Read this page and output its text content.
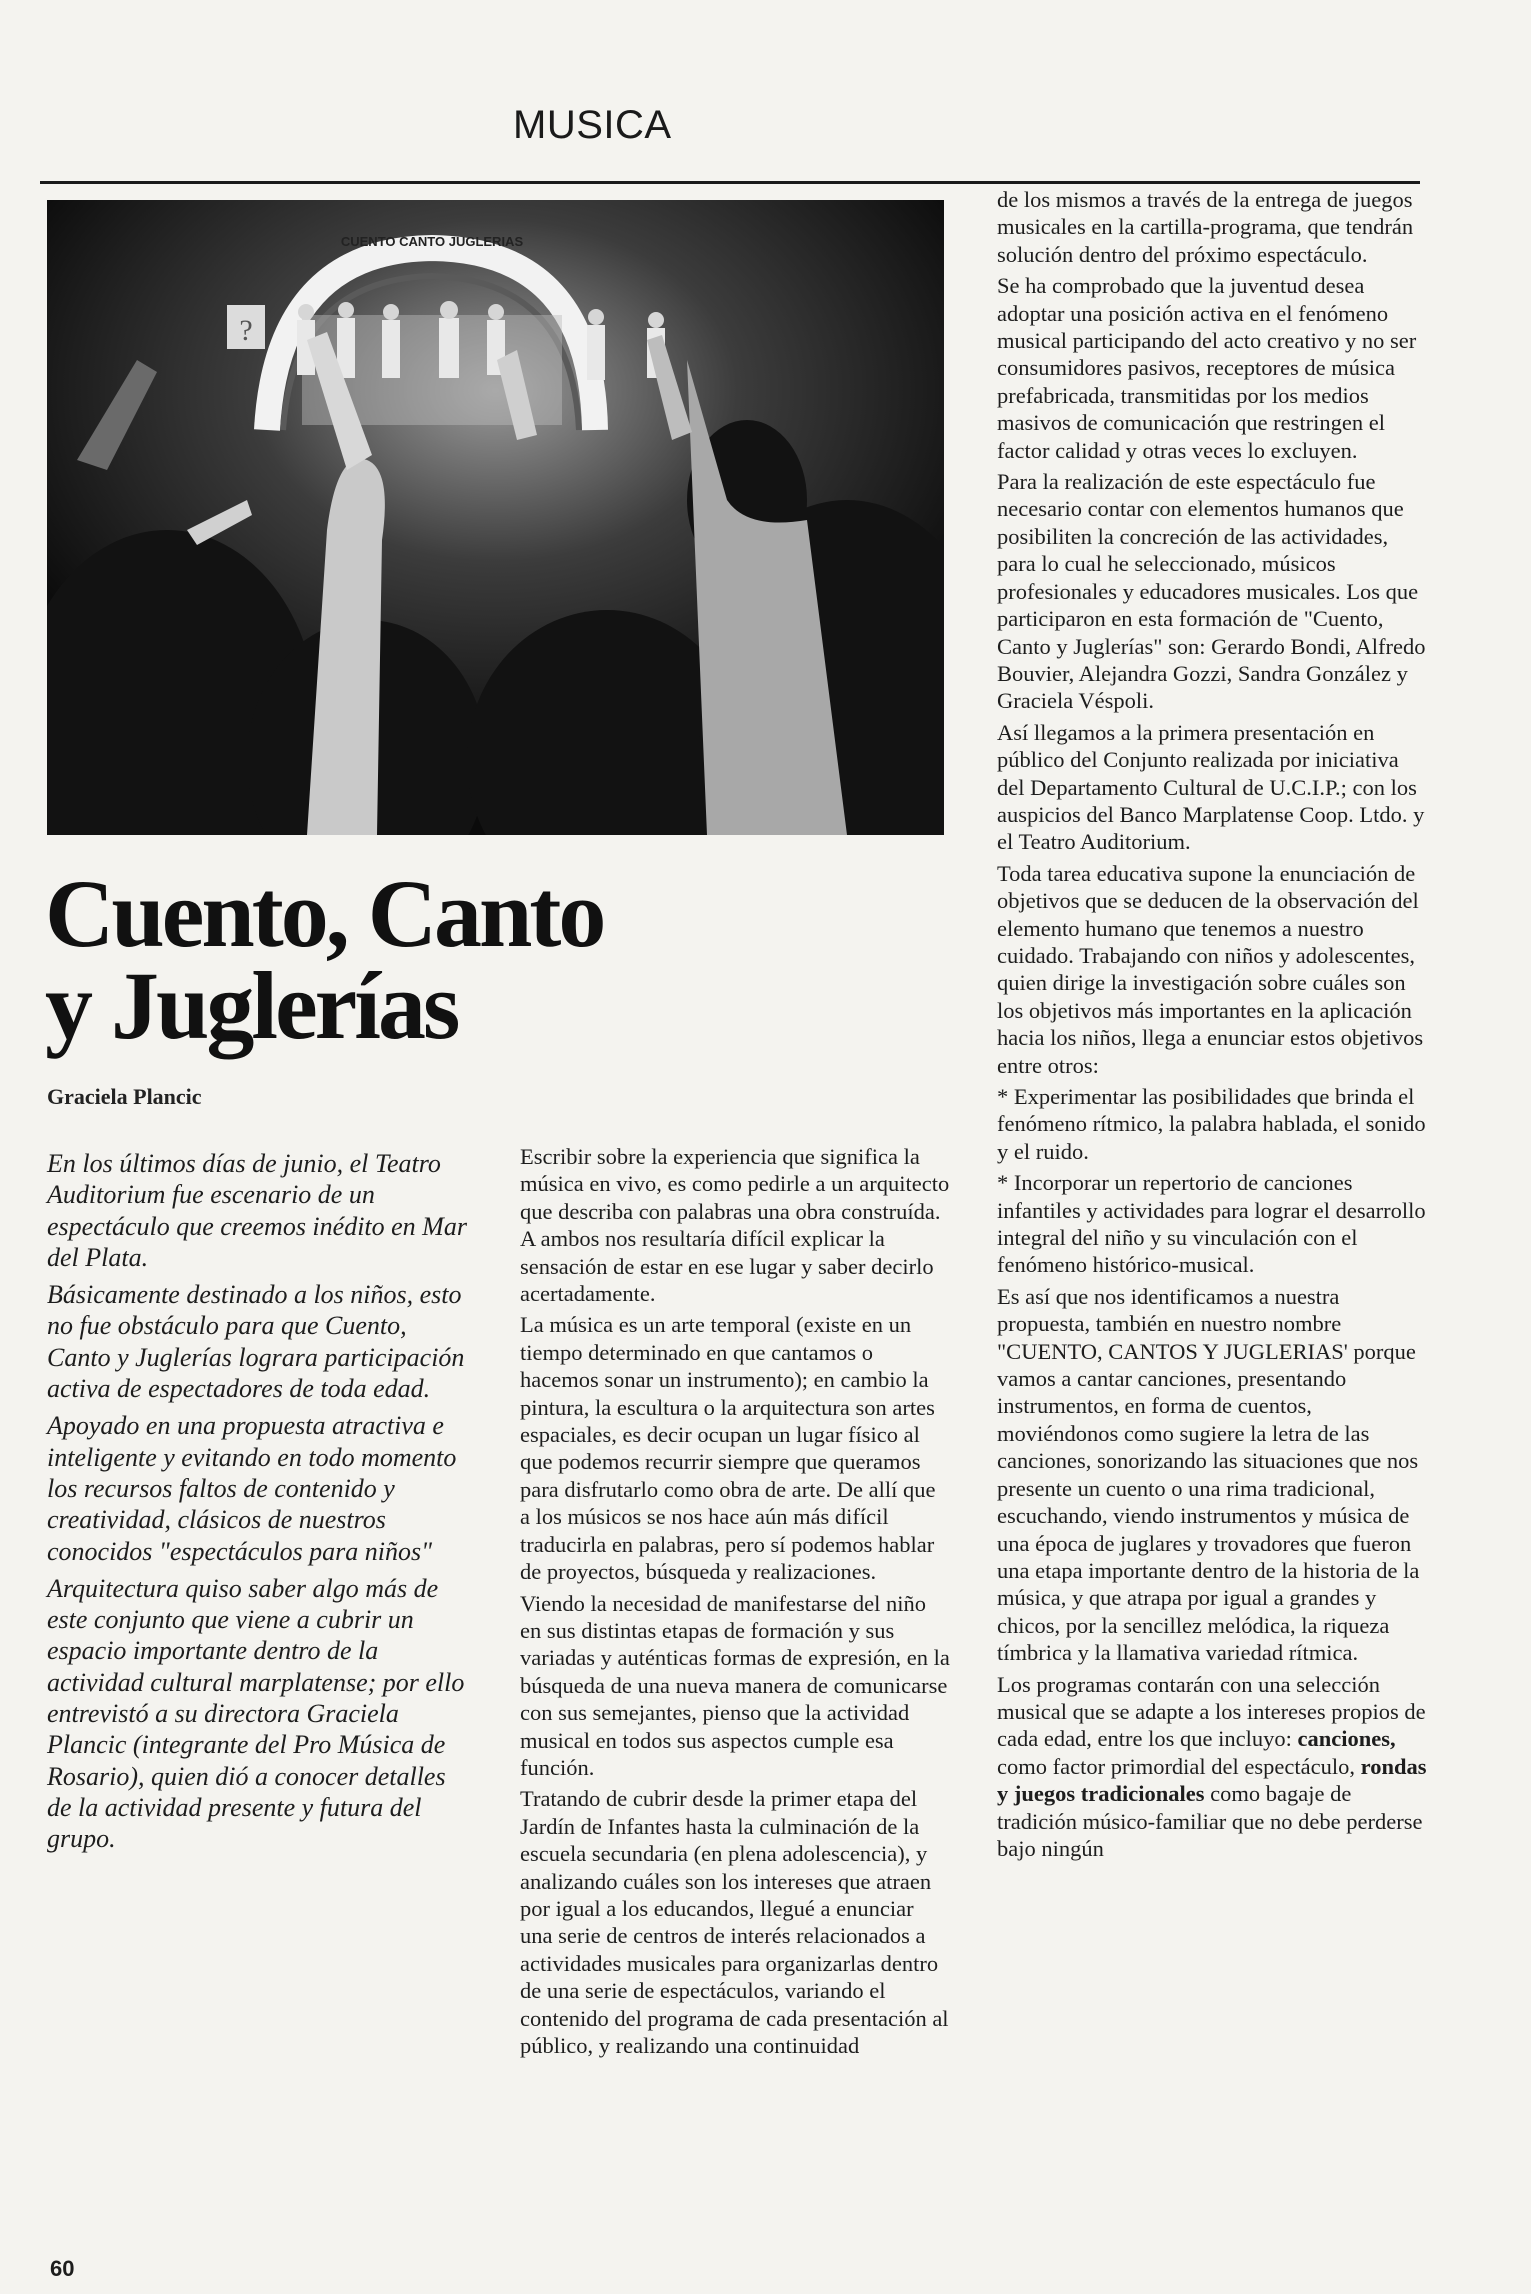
MUSICA
CUENTO CANTO JUGLERIAS
?
Cuento, Canto
y Juglerías
Graciela Plancic

En los últimos días de junio, el Teatro Auditorium fue escenario de un espectáculo que creemos inédito en Mar del Plata.

Básicamente destinado a los niños, esto no fue obstáculo para que Cuento, Canto y Juglerías lograra participación activa de espectadores de toda edad.

Apoyado en una propuesta atractiva e inteligente y evitando en todo momento los recursos faltos de contenido y creatividad, clásicos de nuestros conocidos "espectáculos para niños"

Arquitectura quiso saber algo más de este conjunto que viene a cubrir un espacio importante dentro de la actividad cultural marplatense; por ello entrevistó a su directora Graciela Plancic (integrante del Pro Música de Rosario), quien dió a conocer detalles de la actividad presente y futura del grupo.

Escribir sobre la experiencia que significa la música en vivo, es como pedirle a un arquitecto que describa con palabras una obra construída. A ambos nos resultaría difícil explicar la sensación de estar en ese lugar y saber decirlo acertadamente.

La música es un arte temporal (existe en un tiempo determinado en que cantamos o hacemos sonar un instrumento); en cambio la pintura, la escultura o la arquitectura son artes espaciales, es decir ocupan un lugar físico al que podemos recurrir siempre que queramos para disfrutarlo como obra de arte. De allí que a los músicos se nos hace aún más difícil traducirla en palabras, pero sí podemos hablar de proyectos, búsqueda y realizaciones.

Viendo la necesidad de manifestarse del niño en sus distintas etapas de formación y sus variadas y auténticas formas de expresión, en la búsqueda de una nueva manera de comunicarse con sus semejantes, pienso que la actividad musical en todos sus aspectos cumple esa función.

Tratando de cubrir desde la primer etapa del Jardín de Infantes hasta la culminación de la escuela secundaria (en plena adolescencia), y analizando cuáles son los intereses que atraen por igual a los educandos, llegué a enunciar una serie de centros de interés relacionados a actividades musicales para organizarlas dentro de una serie de espectáculos, variando el contenido del programa de cada presentación al público, y realizando una continuidad

de los mismos a través de la entrega de juegos musicales en la cartilla-programa, que tendrán solución dentro del próximo espectáculo.

Se ha comprobado que la juventud desea adoptar una posición activa en el fenómeno musical participando del acto creativo y no ser consumidores pasivos, receptores de música prefabricada, transmitidas por los medios masivos de comunicación que restringen el factor calidad y otras veces lo excluyen.

Para la realización de este espectáculo fue necesario contar con elementos humanos que posibiliten la concreción de las actividades, para lo cual he seleccionado, músicos profesionales y educadores musicales. Los que participaron en esta formación de "Cuento, Canto y Juglerías" son: Gerardo Bondi, Alfredo Bouvier, Alejandra Gozzi, Sandra González y Graciela Véspoli.

Así llegamos a la primera presentación en público del Conjunto realizada por iniciativa del Departamento Cultural de U.C.I.P.; con los auspicios del Banco Marplatense Coop. Ltdo. y el Teatro Auditorium.

Toda tarea educativa supone la enunciación de objetivos que se deducen de la observación del elemento humano que tenemos a nuestro cuidado. Trabajando con niños y adolescentes, quien dirige la investigación sobre cuáles son los objetivos más importantes en la aplicación hacia los niños, llega a enunciar estos objetivos entre otros:

* Experimentar las posibilidades que brinda el fenómeno rítmico, la palabra hablada, el sonido y el ruido.

* Incorporar un repertorio de canciones infantiles y actividades para lograr el desarrollo integral del niño y su vinculación con el fenómeno histórico-musical.

Es así que nos identificamos a nuestra propuesta, también en nuestro nombre "CUENTO, CANTOS Y JUGLERIAS' porque vamos a cantar canciones, presentando instrumentos, en forma de cuentos, moviéndonos como sugiere la letra de las canciones, sonorizando las situaciones que nos presente un cuento o una rima tradicional, escuchando, viendo instrumentos y música de una época de juglares y trovadores que fueron una etapa importante dentro de la historia de la música, y que atrapa por igual a grandes y chicos, por la sencillez melódica, la riqueza tímbrica y la llamativa variedad rítmica.

Los programas contarán con una selección musical que se adapte a los intereses propios de cada edad, entre los que incluyo: canciones, como factor primordial del espectáculo, rondas y juegos tradicionales como bagaje de tradición músico-familiar que no debe perderse bajo ningún

60
